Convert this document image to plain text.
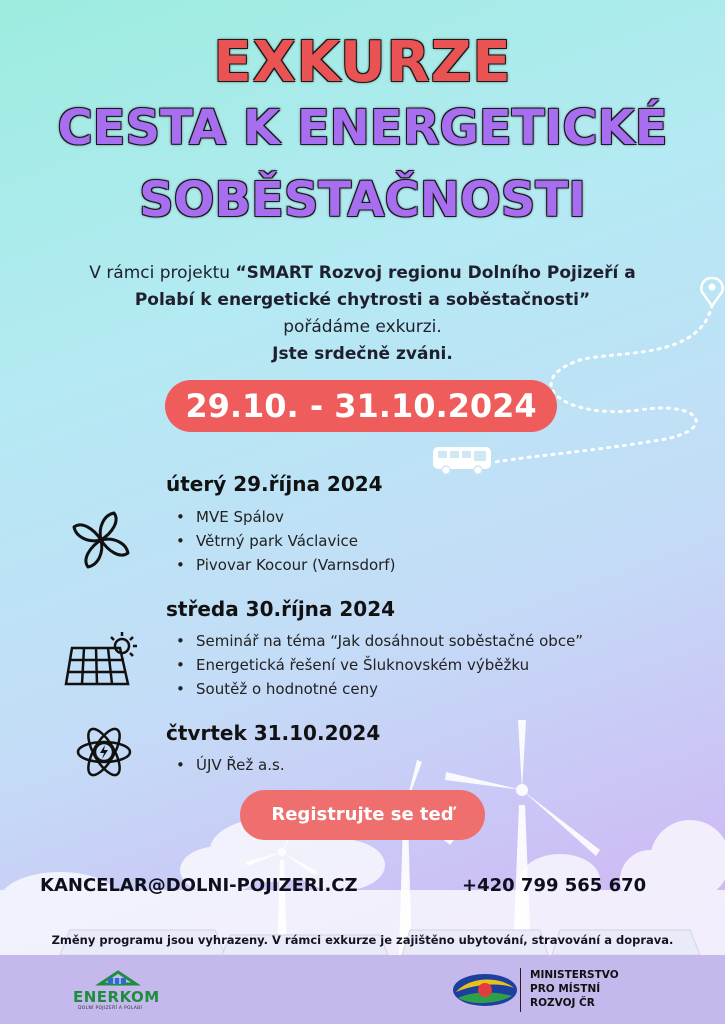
EXKURZE
CESTA K ENERGETICKÉ
SOBĚSTAČNOSTI
V rámci projektu “SMART Rozvoj regionu Dolního Pojizeří a
Polabí k energetické chytrosti a soběstačnosti”
pořádáme exkurzi.
Jste srdečně zváni.
29.10. - 31.10.2024
úterý 29.října 2024
• MVE Spálov
• Větrný park Václavice
• Pivovar Kocour (Varnsdorf)
středa 30.října 2024
• Seminář na téma “Jak dosáhnout soběstačné obce”
• Energetická řešení ve Šluknovském výběžku
• Soutěž o hodnotné ceny
čtvrtek 31.10.2024
• ÚJV Řež a.s.
Registrujte se teď
KANCELAR@DOLNI-POJIZERI.CZ	+420 799 565 670
Změny programu jsou vyhrazeny. V rámci exkurze je zajištěno ubytování, stravování a doprava.
ENERKOM
DOLNÍ POJIZEŘÍ A POLABÍ
MINISTERSTVO
PRO MÍSTNÍ
ROZVOJ ČR
